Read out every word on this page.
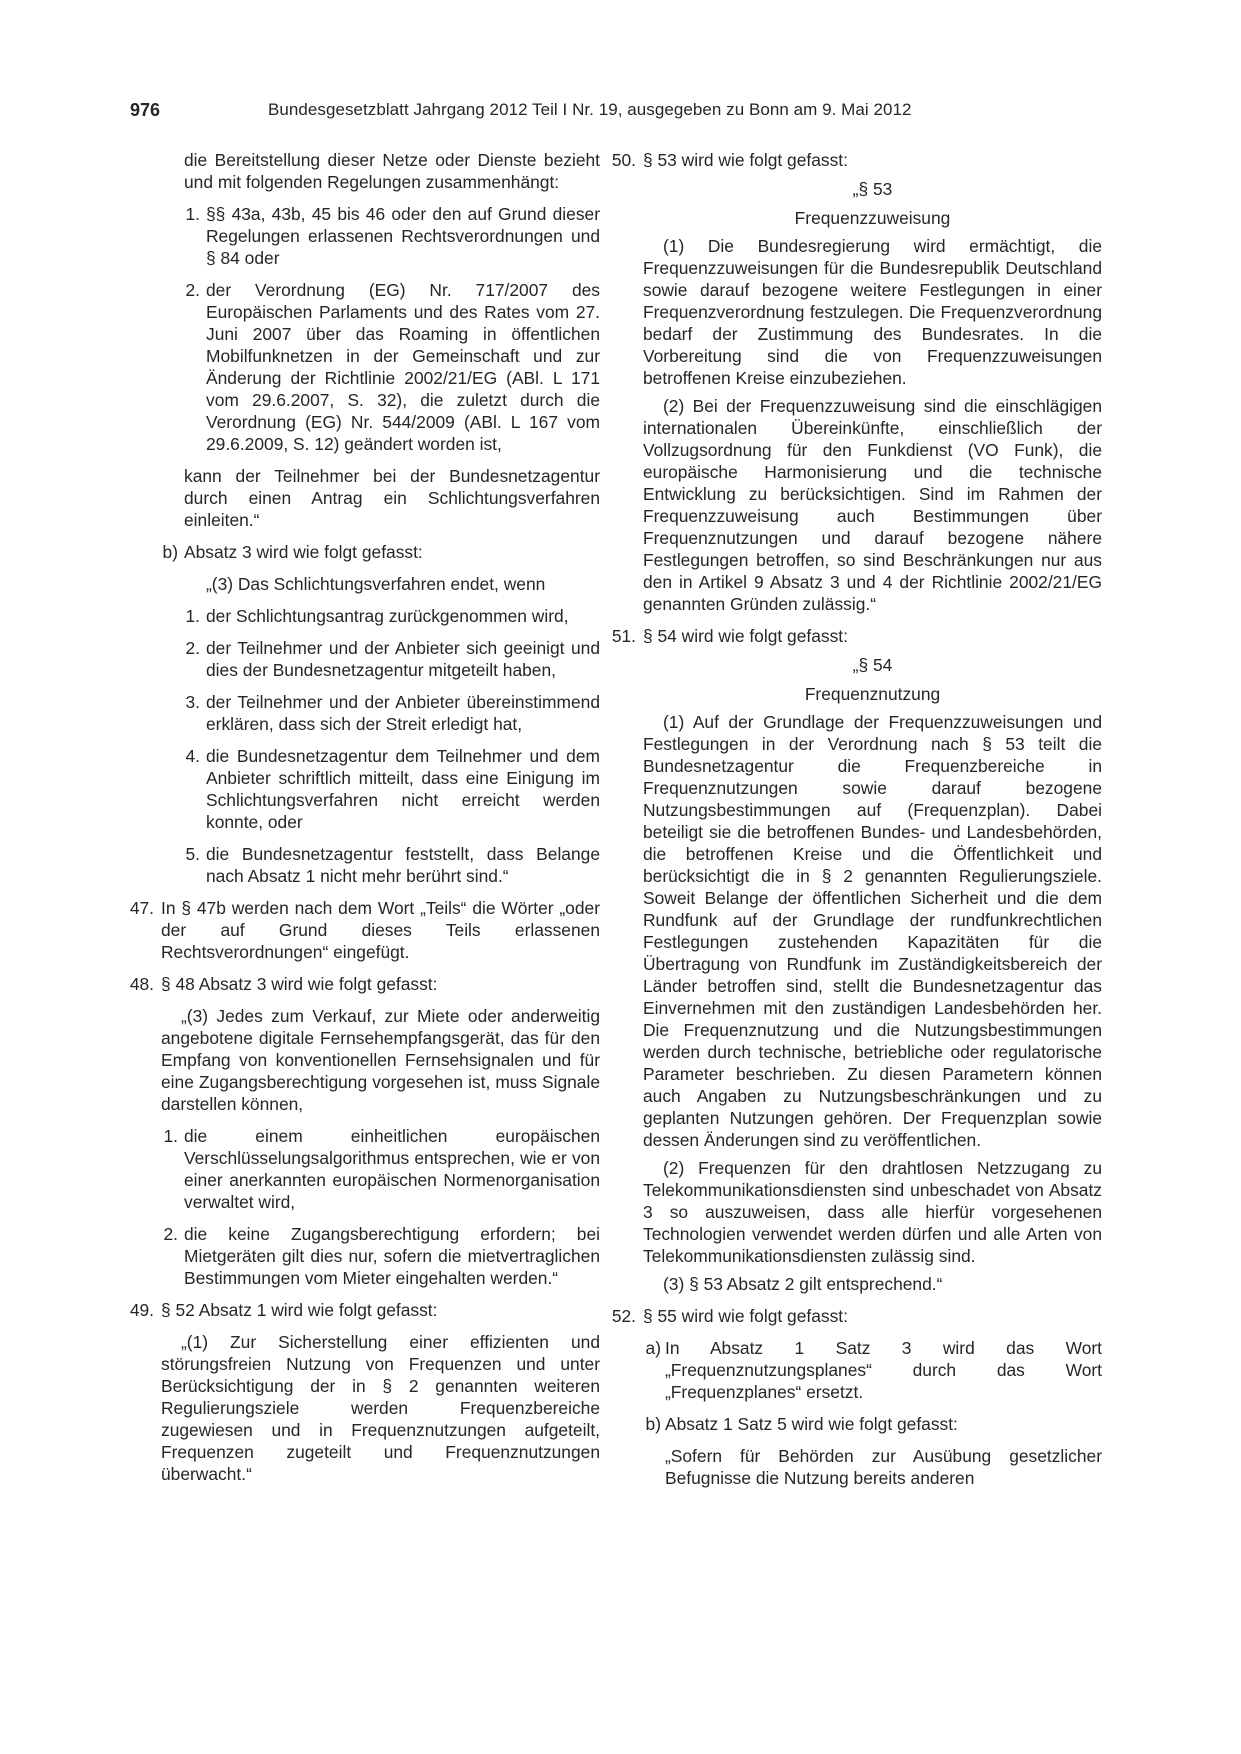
976	Bundesgesetzblatt Jahrgang 2012 Teil I Nr. 19, ausgegeben zu Bonn am 9. Mai 2012

die Bereitstellung dieser Netze oder Dienste bezieht und mit folgenden Regelungen zusammenhängt:

1. §§ 43a, 43b, 45 bis 46 oder den auf Grund dieser Regelungen erlassenen Rechtsverordnungen und § 84 oder

2. der Verordnung (EG) Nr. 717/2007 des Europäischen Parlaments und des Rates vom 27. Juni 2007 über das Roaming in öffentlichen Mobilfunknetzen in der Gemeinschaft und zur Änderung der Richtlinie 2002/21/EG (ABl. L 171 vom 29.6.2007, S. 32), die zuletzt durch die Verordnung (EG) Nr. 544/2009 (ABl. L 167 vom 29.6.2009, S. 12) geändert worden ist,

kann der Teilnehmer bei der Bundesnetzagentur durch einen Antrag ein Schlichtungsverfahren einleiten.“

b) Absatz 3 wird wie folgt gefasst:

„(3) Das Schlichtungsverfahren endet, wenn

1. der Schlichtungsantrag zurückgenommen wird,

2. der Teilnehmer und der Anbieter sich geeinigt und dies der Bundesnetzagentur mitgeteilt haben,

3. der Teilnehmer und der Anbieter übereinstimmend erklären, dass sich der Streit erledigt hat,

4. die Bundesnetzagentur dem Teilnehmer und dem Anbieter schriftlich mitteilt, dass eine Einigung im Schlichtungsverfahren nicht erreicht werden konnte, oder

5. die Bundesnetzagentur feststellt, dass Belange nach Absatz 1 nicht mehr berührt sind.“

47. In § 47b werden nach dem Wort „Teils“ die Wörter „oder der auf Grund dieses Teils erlassenen Rechtsverordnungen“ eingefügt.

48. § 48 Absatz 3 wird wie folgt gefasst:

„(3) Jedes zum Verkauf, zur Miete oder anderweitig angebotene digitale Fernsehempfangsgerät, das für den Empfang von konventionellen Fernsehsignalen und für eine Zugangsberechtigung vorgesehen ist, muss Signale darstellen können,

1. die einem einheitlichen europäischen Verschlüsselungsalgorithmus entsprechen, wie er von einer anerkannten europäischen Normenorganisation verwaltet wird,

2. die keine Zugangsberechtigung erfordern; bei Mietgeräten gilt dies nur, sofern die mietvertraglichen Bestimmungen vom Mieter eingehalten werden.“

49. § 52 Absatz 1 wird wie folgt gefasst:

„(1) Zur Sicherstellung einer effizienten und störungsfreien Nutzung von Frequenzen und unter Berücksichtigung der in § 2 genannten weiteren Regulierungsziele werden Frequenzbereiche zugewiesen und in Frequenznutzungen aufgeteilt, Frequenzen zugeteilt und Frequenznutzungen überwacht.“

50. § 53 wird wie folgt gefasst:

„§ 53

Frequenzzuweisung

(1) Die Bundesregierung wird ermächtigt, die Frequenzzuweisungen für die Bundesrepublik Deutschland sowie darauf bezogene weitere Festlegungen in einer Frequenzverordnung festzulegen. Die Frequenzverordnung bedarf der Zustimmung des Bundesrates. In die Vorbereitung sind die von Frequenzzuweisungen betroffenen Kreise einzubeziehen.

(2) Bei der Frequenzzuweisung sind die einschlägigen internationalen Übereinkünfte, einschließlich der Vollzugsordnung für den Funkdienst (VO Funk), die europäische Harmonisierung und die technische Entwicklung zu berücksichtigen. Sind im Rahmen der Frequenzzuweisung auch Bestimmungen über Frequenznutzungen und darauf bezogene nähere Festlegungen betroffen, so sind Beschränkungen nur aus den in Artikel 9 Absatz 3 und 4 der Richtlinie 2002/21/EG genannten Gründen zulässig.“

51. § 54 wird wie folgt gefasst:

„§ 54

Frequenznutzung

(1) Auf der Grundlage der Frequenzzuweisungen und Festlegungen in der Verordnung nach § 53 teilt die Bundesnetzagentur die Frequenzbereiche in Frequenznutzungen sowie darauf bezogene Nutzungsbestimmungen auf (Frequenzplan). Dabei beteiligt sie die betroffenen Bundes- und Landesbehörden, die betroffenen Kreise und die Öffentlichkeit und berücksichtigt die in § 2 genannten Regulierungsziele. Soweit Belange der öffentlichen Sicherheit und die dem Rundfunk auf der Grundlage der rundfunkrechtlichen Festlegungen zustehenden Kapazitäten für die Übertragung von Rundfunk im Zuständigkeitsbereich der Länder betroffen sind, stellt die Bundesnetzagentur das Einvernehmen mit den zuständigen Landesbehörden her. Die Frequenznutzung und die Nutzungsbestimmungen werden durch technische, betriebliche oder regulatorische Parameter beschrieben. Zu diesen Parametern können auch Angaben zu Nutzungsbeschränkungen und zu geplanten Nutzungen gehören. Der Frequenzplan sowie dessen Änderungen sind zu veröffentlichen.

(2) Frequenzen für den drahtlosen Netzzugang zu Telekommunikationsdiensten sind unbeschadet von Absatz 3 so auszuweisen, dass alle hierfür vorgesehenen Technologien verwendet werden dürfen und alle Arten von Telekommunikationsdiensten zulässig sind.

(3) § 53 Absatz 2 gilt entsprechend.“

52. § 55 wird wie folgt gefasst:

a) In Absatz 1 Satz 3 wird das Wort „Frequenznutzungsplanes“ durch das Wort „Frequenzplanes“ ersetzt.

b) Absatz 1 Satz 5 wird wie folgt gefasst:

„Sofern für Behörden zur Ausübung gesetzlicher Befugnisse die Nutzung bereits anderen
